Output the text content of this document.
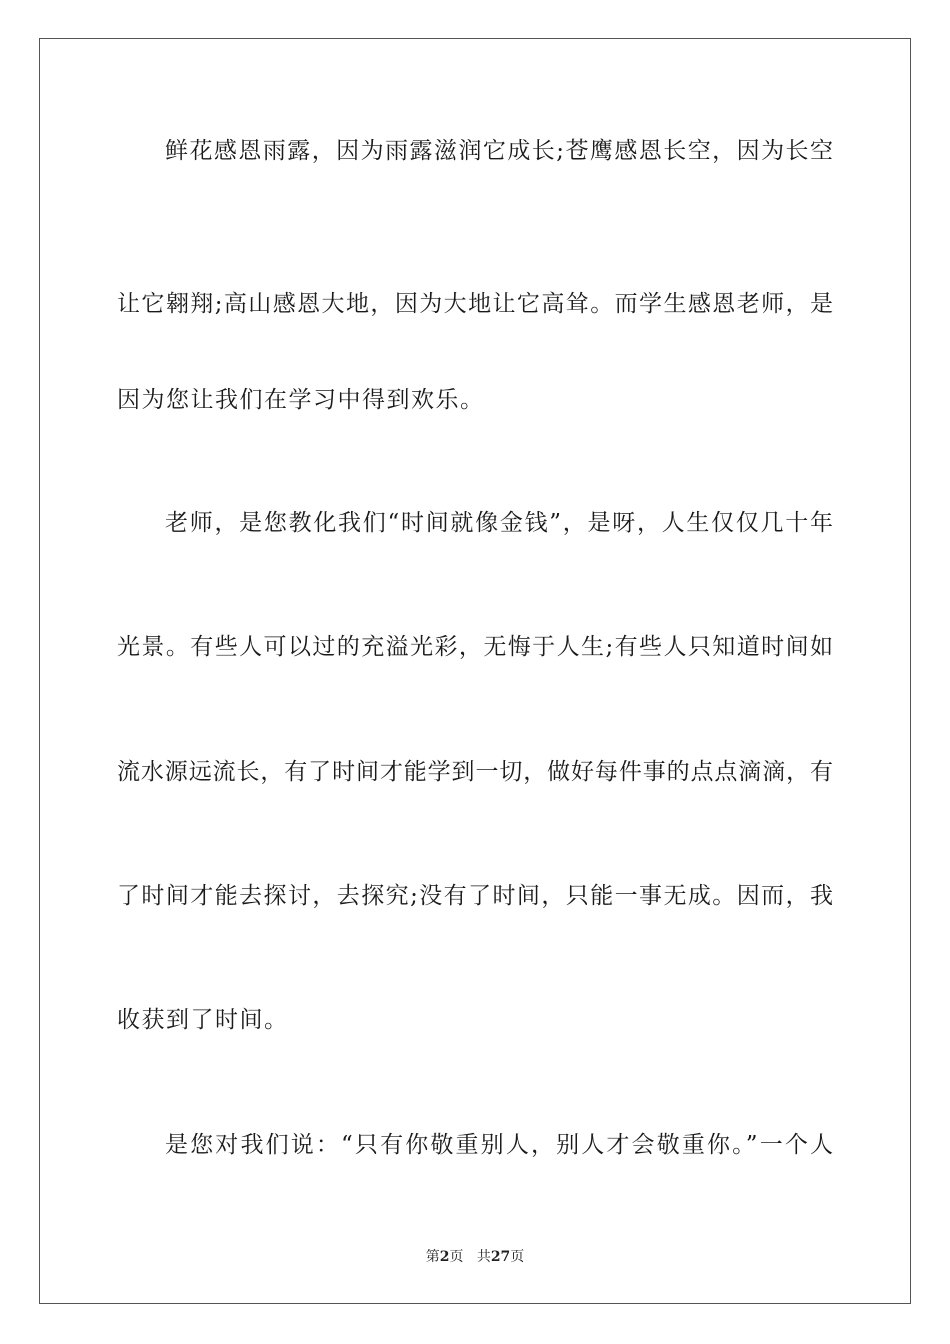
鲜花感恩雨露，因为雨露滋润它成长;苍鹰感恩长空，因为长空
让它翱翔;高山感恩大地，因为大地让它高耸。而学生感恩老师，是
因为您让我们在学习中得到欢乐。
老师，是您教化我们“时间就像金钱”，是呀，人生仅仅几十年
光景。有些人可以过的充溢光彩，无悔于人生;有些人只知道时间如
流水源远流长，有了时间才能学到一切，做好每件事的点点滴滴，有
了时间才能去探讨，去探究;没有了时间，只能一事无成。因而，我
收获到了时间。
是您对我们说：“只有你敬重别人，别人才会敬重你。”一个人
第2页 共27页
